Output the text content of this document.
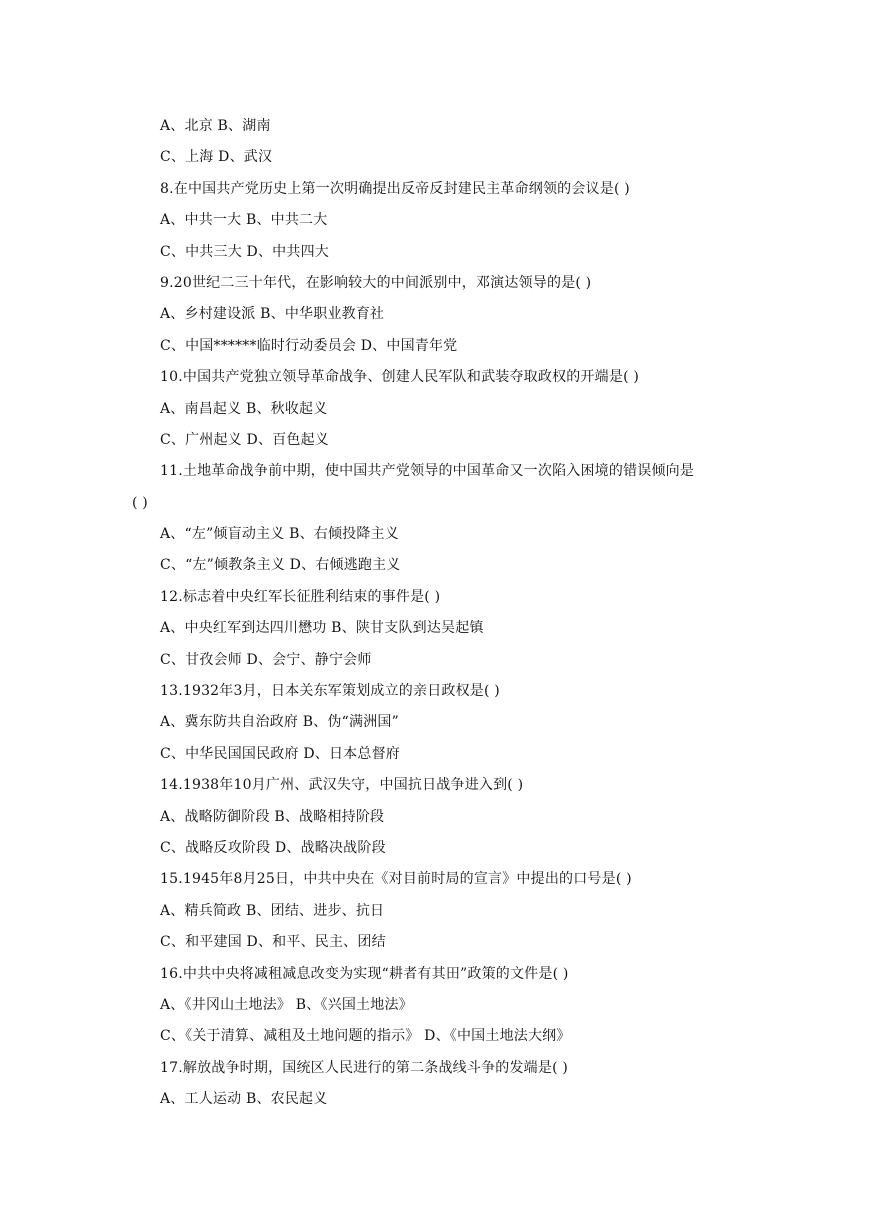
A、北京 B、湖南
C、上海 D、武汉
8.在中国共产党历史上第一次明确提出反帝反封建民主革命纲领的会议是( )
A、中共一大 B、中共二大
C、中共三大 D、中共四大
9.20世纪二三十年代，在影响较大的中间派别中，邓演达领导的是( )
A、乡村建设派 B、中华职业教育社
C、中国******临时行动委员会 D、中国青年党
10.中国共产党独立领导革命战争、创建人民军队和武装夺取政权的开端是( )
A、南昌起义 B、秋收起义
C、广州起义 D、百色起义
11.土地革命战争前中期，使中国共产党领导的中国革命又一次陷入困境的错误倾向是
( )
A、“左”倾盲动主义 B、右倾投降主义
C、“左”倾教条主义 D、右倾逃跑主义
12.标志着中央红军长征胜利结束的事件是( )
A、中央红军到达四川懋功 B、陕甘支队到达吴起镇
C、甘孜会师 D、会宁、静宁会师
13.1932年3月，日本关东军策划成立的亲日政权是( )
A、冀东防共自治政府 B、伪“满洲国”
C、中华民国国民政府 D、日本总督府
14.1938年10月广州、武汉失守，中国抗日战争进入到( )
A、战略防御阶段 B、战略相持阶段
C、战略反攻阶段 D、战略决战阶段
15.1945年8月25日，中共中央在《对目前时局的宣言》中提出的口号是( )
A、精兵简政 B、团结、进步、抗日
C、和平建国 D、和平、民主、团结
16.中共中央将减租减息改变为实现“耕者有其田”政策的文件是( )
A、《井冈山土地法》 B、《兴国土地法》
C、《关于清算、减租及土地问题的指示》 D、《中国土地法大纲》
17.解放战争时期，国统区人民进行的第二条战线斗争的发端是( )
A、工人运动 B、农民起义
